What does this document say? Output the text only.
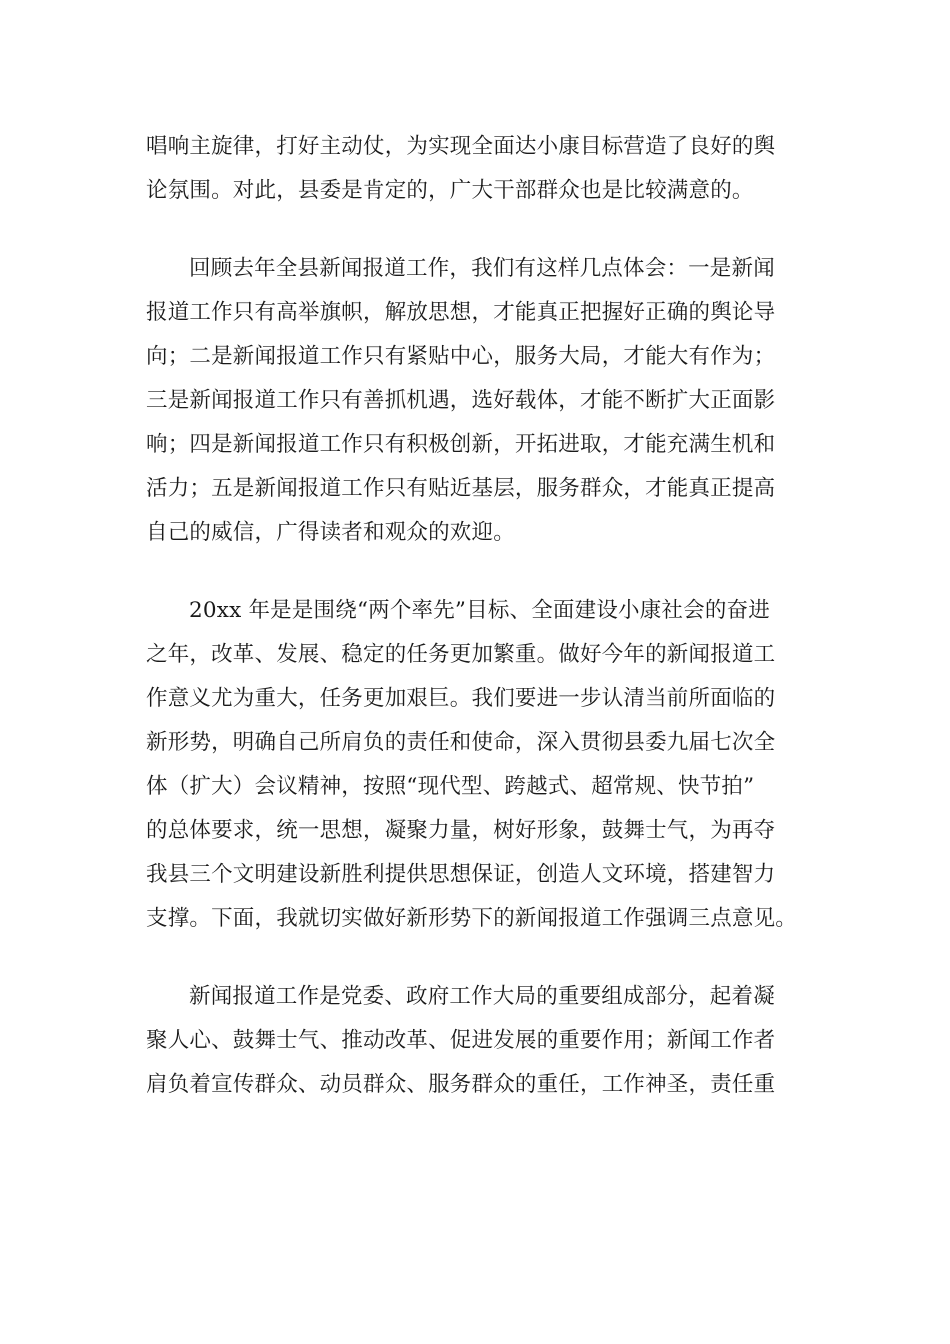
唱响主旋律，打好主动仗，为实现全面达小康目标营造了良好的舆
论氛围。对此，县委是肯定的，广大干部群众也是比较满意的。
回顾去年全县新闻报道工作，我们有这样几点体会：一是新闻
报道工作只有高举旗帜，解放思想，才能真正把握好正确的舆论导
向；二是新闻报道工作只有紧贴中心，服务大局，才能大有作为；
三是新闻报道工作只有善抓机遇，选好载体，才能不断扩大正面影
响；四是新闻报道工作只有积极创新，开拓进取，才能充满生机和
活力；五是新闻报道工作只有贴近基层，服务群众，才能真正提高
自己的威信，广得读者和观众的欢迎。
20xx 年是是围绕“两个率先”目标、全面建设小康社会的奋进
之年，改革、发展、稳定的任务更加繁重。做好今年的新闻报道工
作意义尤为重大，任务更加艰巨。我们要进一步认清当前所面临的
新形势，明确自己所肩负的责任和使命，深入贯彻县委九届七次全
体（扩大）会议精神，按照“现代型、跨越式、超常规、快节拍”
的总体要求，统一思想，凝聚力量，树好形象，鼓舞士气，为再夺
我县三个文明建设新胜利提供思想保证，创造人文环境，搭建智力
支撑。下面，我就切实做好新形势下的新闻报道工作强调三点意见。
新闻报道工作是党委、政府工作大局的重要组成部分，起着凝
聚人心、鼓舞士气、推动改革、促进发展的重要作用；新闻工作者
肩负着宣传群众、动员群众、服务群众的重任，工作神圣，责任重
